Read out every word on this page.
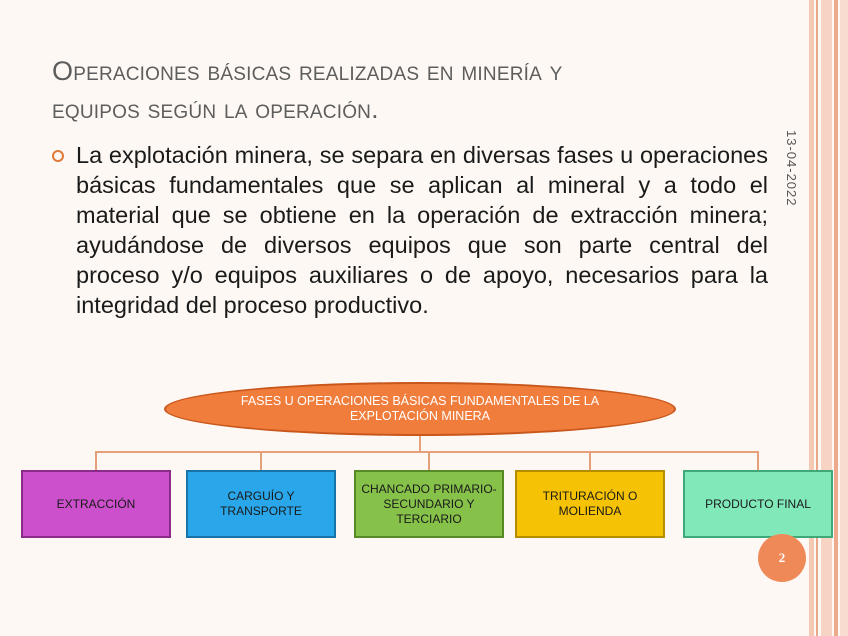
Operaciones básicas realizadas en minería y
equipos según la operación.
13-04-2022
La explotación minera, se separa en diversas fases u operaciones básicas fundamentales que se aplican al mineral y a todo el material que se obtiene en la operación de extracción minera; ayudándose de diversos equipos que son parte central del proceso y/o equipos auxiliares o de apoyo, necesarios para la integridad del proceso productivo.
FASES U OPERACIONES BÁSICAS FUNDAMENTALES DE LA EXPLOTACIÓN MINERA
EXTRACCIÓN
CARGUÍO Y TRANSPORTE
CHANCADO PRIMARIO-SECUNDARIO Y TERCIARIO
TRITURACIÓN O MOLIENDA
PRODUCTO FINAL
2
